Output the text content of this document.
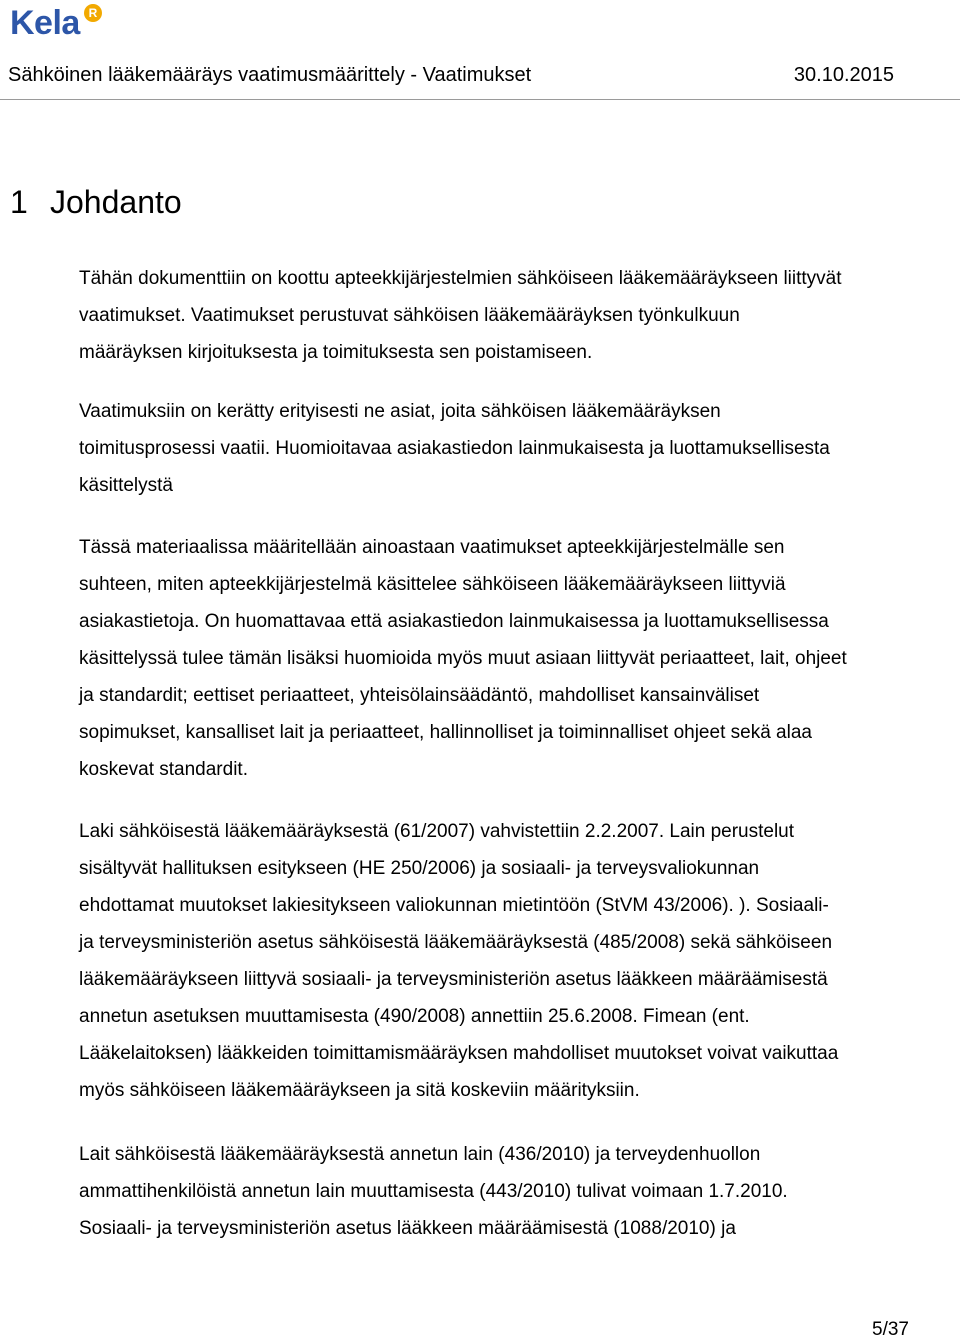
Kela R
Sähköinen lääkemääräys vaatimusmäärittely - Vaatimukset	30.10.2015
1 Johdanto

Tähän dokumenttiin on koottu apteekkijärjestelmien sähköiseen lääkemääräykseen liittyvät
vaatimukset. Vaatimukset perustuvat sähköisen lääkemääräyksen työnkulkuun
määräyksen kirjoituksesta ja toimituksesta sen poistamiseen.

Vaatimuksiin on kerätty erityisesti ne asiat, joita sähköisen lääkemääräyksen
toimitusprosessi vaatii. Huomioitavaa asiakastiedon lainmukaisesta ja luottamuksellisesta
käsittelystä

Tässä materiaalissa määritellään ainoastaan vaatimukset apteekkijärjestelmälle sen
suhteen, miten apteekkijärjestelmä käsittelee sähköiseen lääkemääräykseen liittyviä
asiakastietoja. On huomattavaa että asiakastiedon lainmukaisessa ja luottamuksellisessa
käsittelyssä tulee tämän lisäksi huomioida myös muut asiaan liittyvät periaatteet, lait, ohjeet
ja standardit; eettiset periaatteet, yhteisölainsäädäntö, mahdolliset kansainväliset
sopimukset, kansalliset lait ja periaatteet, hallinnolliset ja toiminnalliset ohjeet sekä alaa
koskevat standardit.

Laki sähköisestä lääkemääräyksestä (61/2007) vahvistettiin 2.2.2007. Lain perustelut
sisältyvät hallituksen esitykseen (HE 250/2006) ja sosiaali- ja terveysvaliokunnan
ehdottamat muutokset lakiesitykseen valiokunnan mietintöön (StVM 43/2006). ). Sosiaali-
ja terveysministeriön asetus sähköisestä lääkemääräyksestä (485/2008) sekä sähköiseen
lääkemääräykseen liittyvä sosiaali- ja terveysministeriön asetus lääkkeen määräämisestä
annetun asetuksen muuttamisesta (490/2008) annettiin 25.6.2008. Fimean (ent.
Lääkelaitoksen) lääkkeiden toimittamismääräyksen mahdolliset muutokset voivat vaikuttaa
myös sähköiseen lääkemääräykseen ja sitä koskeviin määrityksiin.

Lait sähköisestä lääkemääräyksestä annetun lain (436/2010) ja terveydenhuollon
ammattihenkilöistä annetun lain muuttamisesta (443/2010) tulivat voimaan 1.7.2010.
Sosiaali- ja terveysministeriön asetus lääkkeen määräämisestä (1088/2010) ja

5/37
